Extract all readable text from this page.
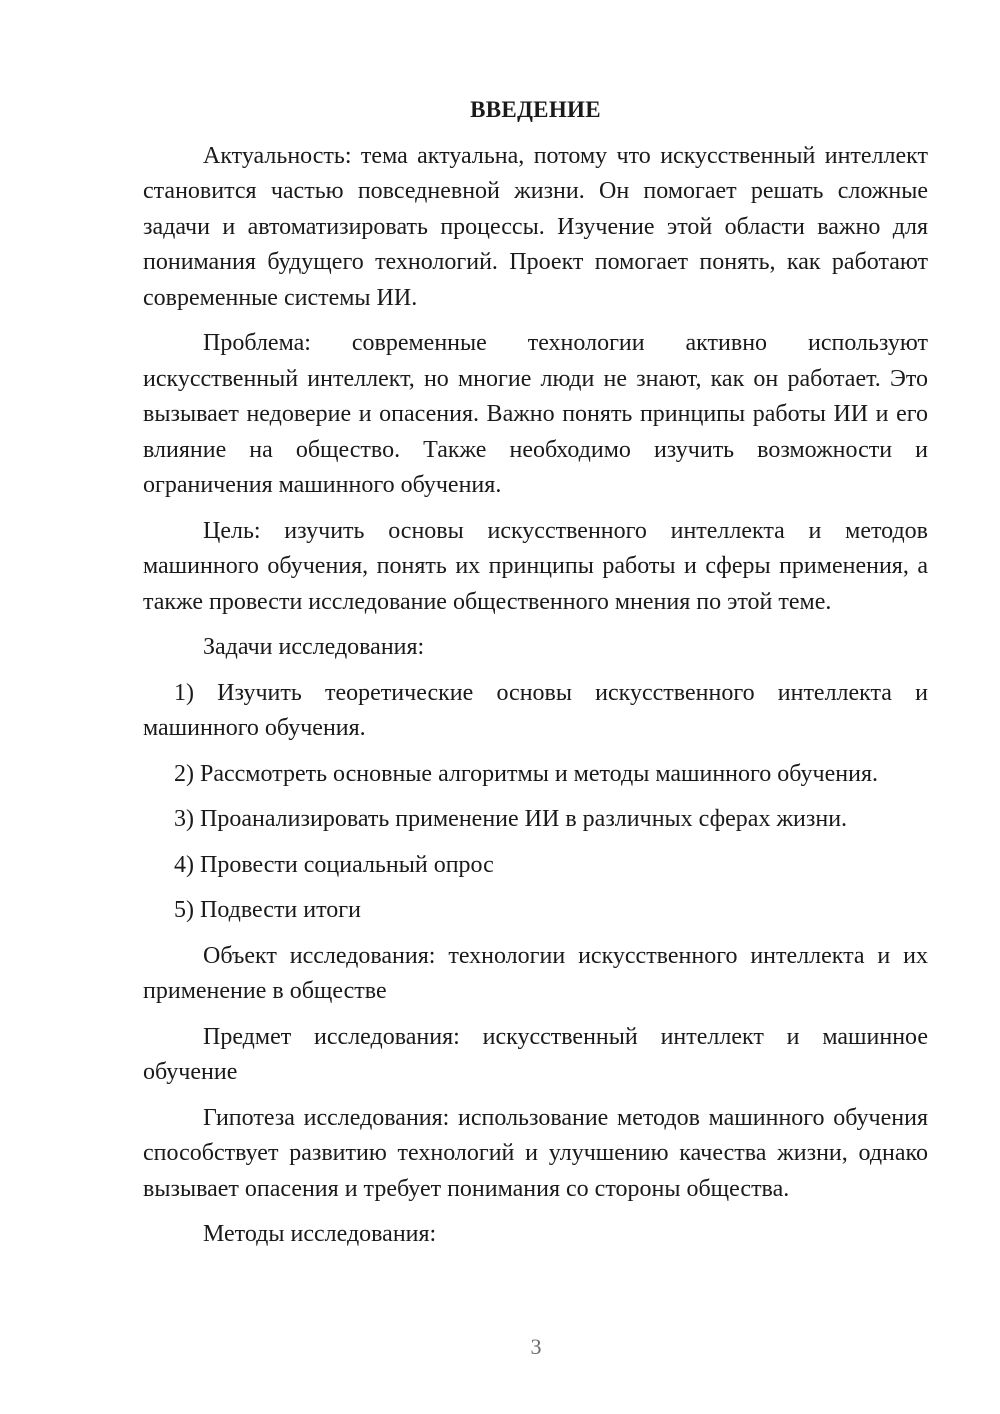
ВВЕДЕНИЕ

Актуальность: тема актуальна, потому что искусственный интеллект становится частью повседневной жизни. Он помогает решать сложные задачи и автоматизировать процессы. Изучение этой области важно для понимания будущего технологий. Проект помогает понять, как работают современные системы ИИ.

Проблема: современные технологии активно используют искусственный интеллект, но многие люди не знают, как он работает. Это вызывает недоверие и опасения. Важно понять принципы работы ИИ и его влияние на общество. Также необходимо изучить возможности и ограничения машинного обучения.

Цель: изучить основы искусственного интеллекта и методов машинного обучения, понять их принципы работы и сферы применения, а также провести исследование общественного мнения по этой теме.

Задачи исследования:

1) Изучить теоретические основы искусственного интеллекта и машинного обучения.

2) Рассмотреть основные алгоритмы и методы машинного обучения.

3) Проанализировать применение ИИ в различных сферах жизни.

4) Провести социальный опрос

5) Подвести итоги

Объект исследования: технологии искусственного интеллекта и их применение в обществе

Предмет исследования: искусственный интеллект и машинное обучение

Гипотеза исследования: использование методов машинного обучения способствует развитию технологий и улучшению качества жизни, однако вызывает опасения и требует понимания со стороны общества.

Методы исследования:

3
